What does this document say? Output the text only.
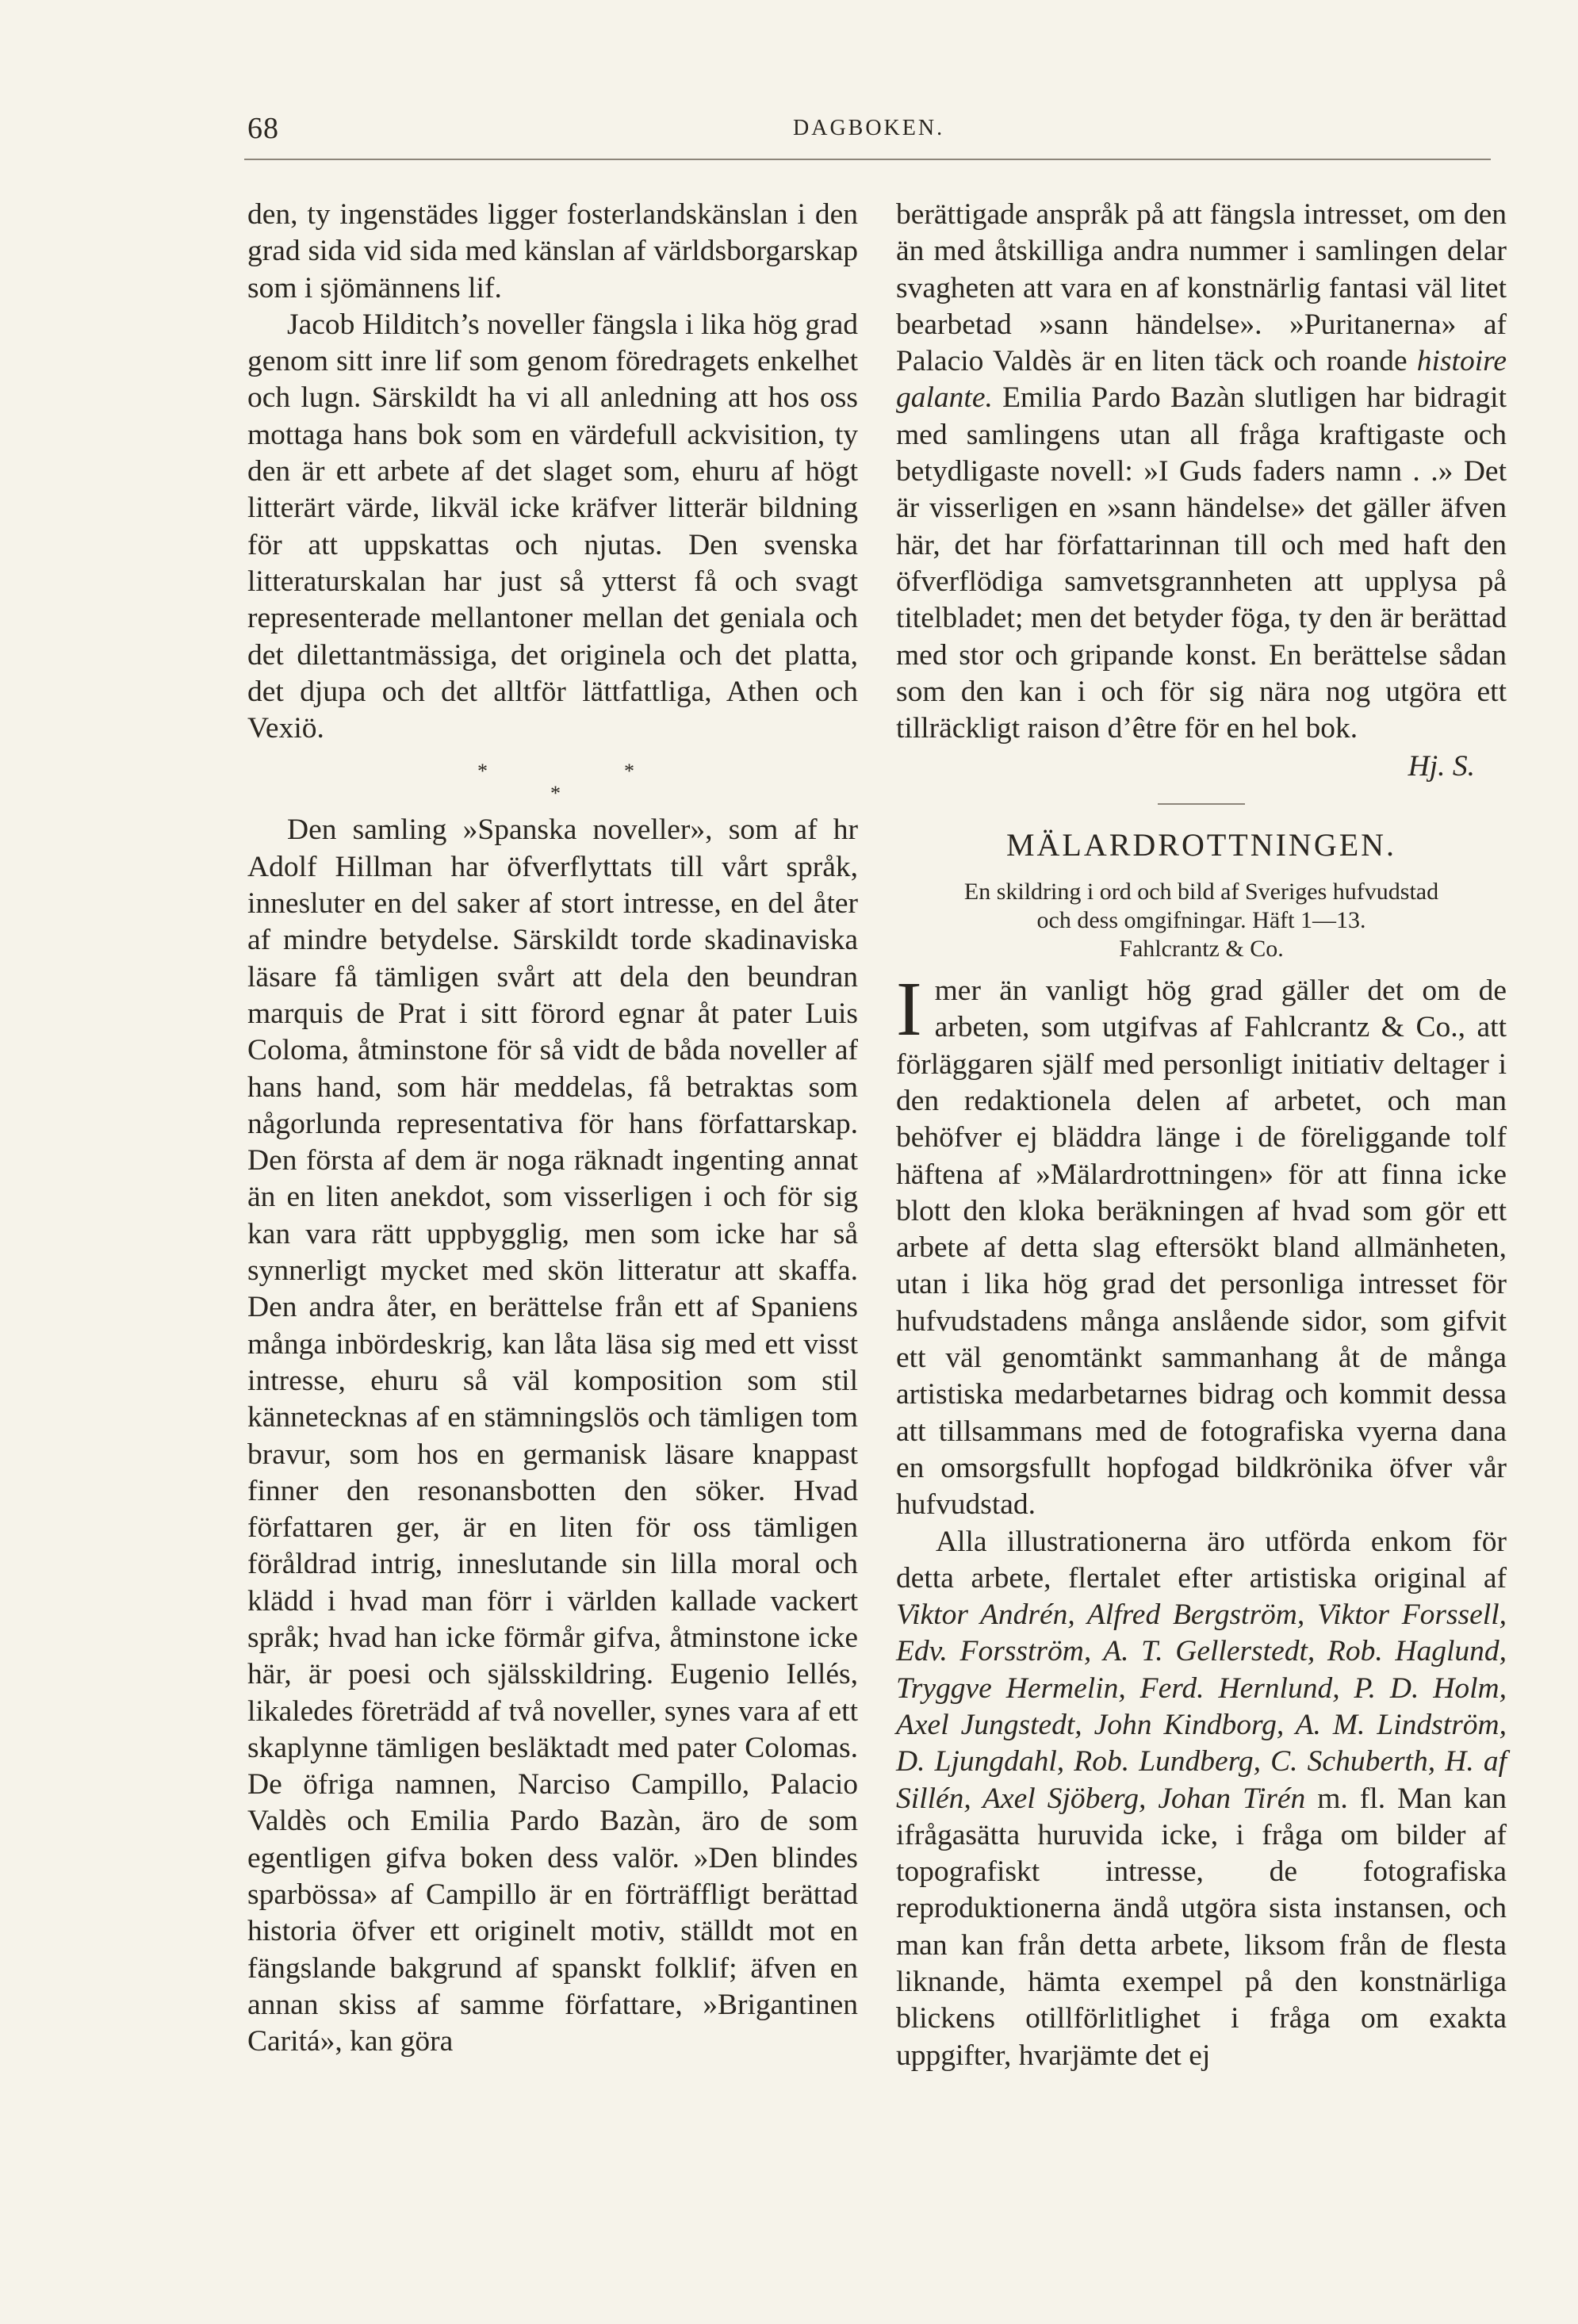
68	DAGBOKEN.

den, ty ingenstädes ligger fosterlandskänslan i den grad sida vid sida med känslan af världsborgarskap som i sjömännens lif.

Jacob Hilditch’s noveller fängsla i lika hög grad genom sitt inre lif som genom föredragets enkelhet och lugn. Särskildt ha vi all anledning att hos oss mottaga hans bok som en värdefull ackvisition, ty den är ett arbete af det slaget som, ehuru af högt litterärt värde, likväl icke kräfver litterär bildning för att uppskattas och njutas. Den svenska litteraturskalan har just så ytterst få och svagt representerade mellantoner mellan det geniala och det dilettantmässiga, det originela och det platta, det djupa och det alltför lättfattliga, Athen och Vexiö.

*	*
*

Den samling »Spanska noveller», som af hr Adolf Hillman har öfverflyttats till vårt språk, innesluter en del saker af stort intresse, en del åter af mindre betydelse. Särskildt torde skadinaviska läsare få tämligen svårt att dela den beundran marquis de Prat i sitt förord egnar åt pater Luis Coloma, åtminstone för så vidt de båda noveller af hans hand, som här meddelas, få betraktas som någorlunda representativa för hans författarskap. Den första af dem är noga räknadt ingenting annat än en liten anekdot, som visserligen i och för sig kan vara rätt uppbygglig, men som icke har så synnerligt mycket med skön litteratur att skaffa. Den andra åter, en berättelse från ett af Spaniens många inbördeskrig, kan låta läsa sig med ett visst intresse, ehuru så väl komposition som stil kännetecknas af en stämningslös och tämligen tom bravur, som hos en germanisk läsare knappast finner den resonansbotten den söker. Hvad författaren ger, är en liten för oss tämligen föråldrad intrig, inneslutande sin lilla moral och klädd i hvad man förr i världen kallade vackert språk; hvad han icke förmår gifva, åtminstone icke här, är poesi och själsskildring. Eugenio Iellés, likaledes företrädd af två noveller, synes vara af ett skaplynne tämligen besläktadt med pater Colomas. De öfriga namnen, Narciso Campillo, Palacio Valdès och Emilia Pardo Bazàn, äro de som egentligen gifva boken dess valör. »Den blindes sparbössa» af Campillo är en förträffligt berättad historia öfver ett originelt motiv, ställdt mot en fängslande bakgrund af spanskt folklif; äfven en annan skiss af samme författare, »Brigantinen Caritá», kan göra

berättigade anspråk på att fängsla intresset, om den än med åtskilliga andra nummer i samlingen delar svagheten att vara en af konstnärlig fantasi väl litet bearbetad »sann händelse». »Puritanerna» af Palacio Valdès är en liten täck och roande histoire galante. Emilia Pardo Bazàn slutligen har bidragit med samlingens utan all fråga kraftigaste och betydligaste novell: »I Guds faders namn . .» Det är visserligen en »sann händelse» det gäller äfven här, det har författarinnan till och med haft den öfverflödiga samvetsgrannheten att upplysa på titelbladet; men det betyder föga, ty den är berättad med stor och gripande konst. En berättelse sådan som den kan i och för sig nära nog utgöra ett tillräckligt raison d’être för en hel bok.

Hj. S.
MÄLARDROTTNINGEN.
En skildring i ord och bild af Sveriges hufvudstad
och dess omgifningar. Häft 1—13.
Fahlcrantz & Co.

Imer än vanligt hög grad gäller det om de arbeten, som utgifvas af Fahlcrantz & Co., att förläggaren själf med personligt initiativ deltager i den redaktionela delen af arbetet, och man behöfver ej bläddra länge i de föreliggande tolf häftena af »Mälardrottningen» för att finna icke blott den kloka beräkningen af hvad som gör ett arbete af detta slag eftersökt bland allmänheten, utan i lika hög grad det personliga intresset för hufvudstadens många anslående sidor, som gifvit ett väl genomtänkt sammanhang åt de många artistiska medarbetarnes bidrag och kommit dessa att tillsammans med de fotografiska vyerna dana en omsorgsfullt hopfogad bildkrönika öfver vår hufvudstad.

Alla illustrationerna äro utförda enkom för detta arbete, flertalet efter artistiska original af Viktor Andrén, Alfred Bergström, Viktor Forssell, Edv. Forsström, A. T. Gellerstedt, Rob. Haglund, Tryggve Hermelin, Ferd. Hernlund, P. D. Holm, Axel Jungstedt, John Kindborg, A. M. Lindström, D. Ljungdahl, Rob. Lundberg, C. Schuberth, H. af Sillén, Axel Sjöberg, Johan Tirén m. fl. Man kan ifrågasätta huruvida icke, i fråga om bilder af topografiskt intresse, de fotografiska reproduktionerna ändå utgöra sista instansen, och man kan från detta arbete, liksom från de flesta liknande, hämta exempel på den konstnärliga blickens otillförlitlighet i fråga om exakta uppgifter, hvarjämte det ej
